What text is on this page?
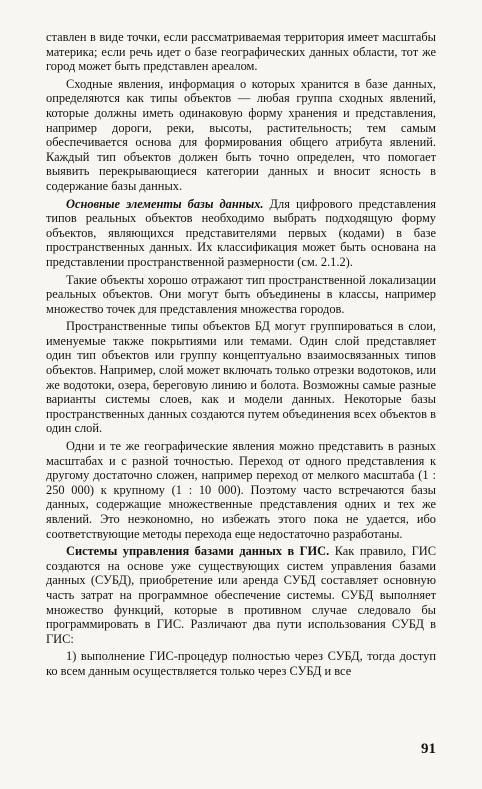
ставлен в виде точки, если рассматриваемая территория имеет масштабы материка; если речь идет о базе географических данных области, тот же город может быть представлен ареалом.

Сходные явления, информация о которых хранится в базе данных, определяются как типы объектов — любая группа сходных явлений, которые должны иметь одинаковую форму хранения и представления, например дороги, реки, высоты, растительность; тем самым обеспечивается основа для формирования общего атрибута явлений. Каждый тип объектов должен быть точно определен, что помогает выявить перекрывающиеся категории данных и вносит ясность в содержание базы данных.

Основные элементы базы данных. Для цифрового представления типов реальных объектов необходимо выбрать подходящую форму объектов, являющихся представителями первых (кодами) в базе пространственных данных. Их классификация может быть основана на представлении пространственной размерности (см. 2.1.2).

Такие объекты хорошо отражают тип пространственной локализации реальных объектов. Они могут быть объединены в классы, например множество точек для представления множества городов.

Пространственные типы объектов БД могут группироваться в слои, именуемые также покрытиями или темами. Один слой представляет один тип объектов или группу концептуально взаимосвязанных типов объектов. Например, слой может включать только отрезки водотоков, или же водотоки, озера, береговую линию и болота. Возможны самые разные варианты системы слоев, как и модели данных. Некоторые базы пространственных данных создаются путем объединения всех объектов в один слой.

Одни и те же географические явления можно представить в разных масштабах и с разной точностью. Переход от одного представления к другому достаточно сложен, например переход от мелкого масштаба (1 : 250 000) к крупному (1 : 10 000). Поэтому часто встречаются базы данных, содержащие множественные представления одних и тех же явлений. Это неэкономно, но избежать этого пока не удается, ибо соответствующие методы перехода еще недостаточно разработаны.

Системы управления базами данных в ГИС. Как правило, ГИС создаются на основе уже существующих систем управления базами данных (СУБД), приобретение или аренда СУБД составляет основную часть затрат на программное обеспечение системы. СУБД выполняет множество функций, которые в противном случае следовало бы программировать в ГИС. Различают два пути использования СУБД в ГИС:

1) выполнение ГИС-процедур полностью через СУБД, тогда доступ ко всем данным осуществляется только через СУБД и все

91
